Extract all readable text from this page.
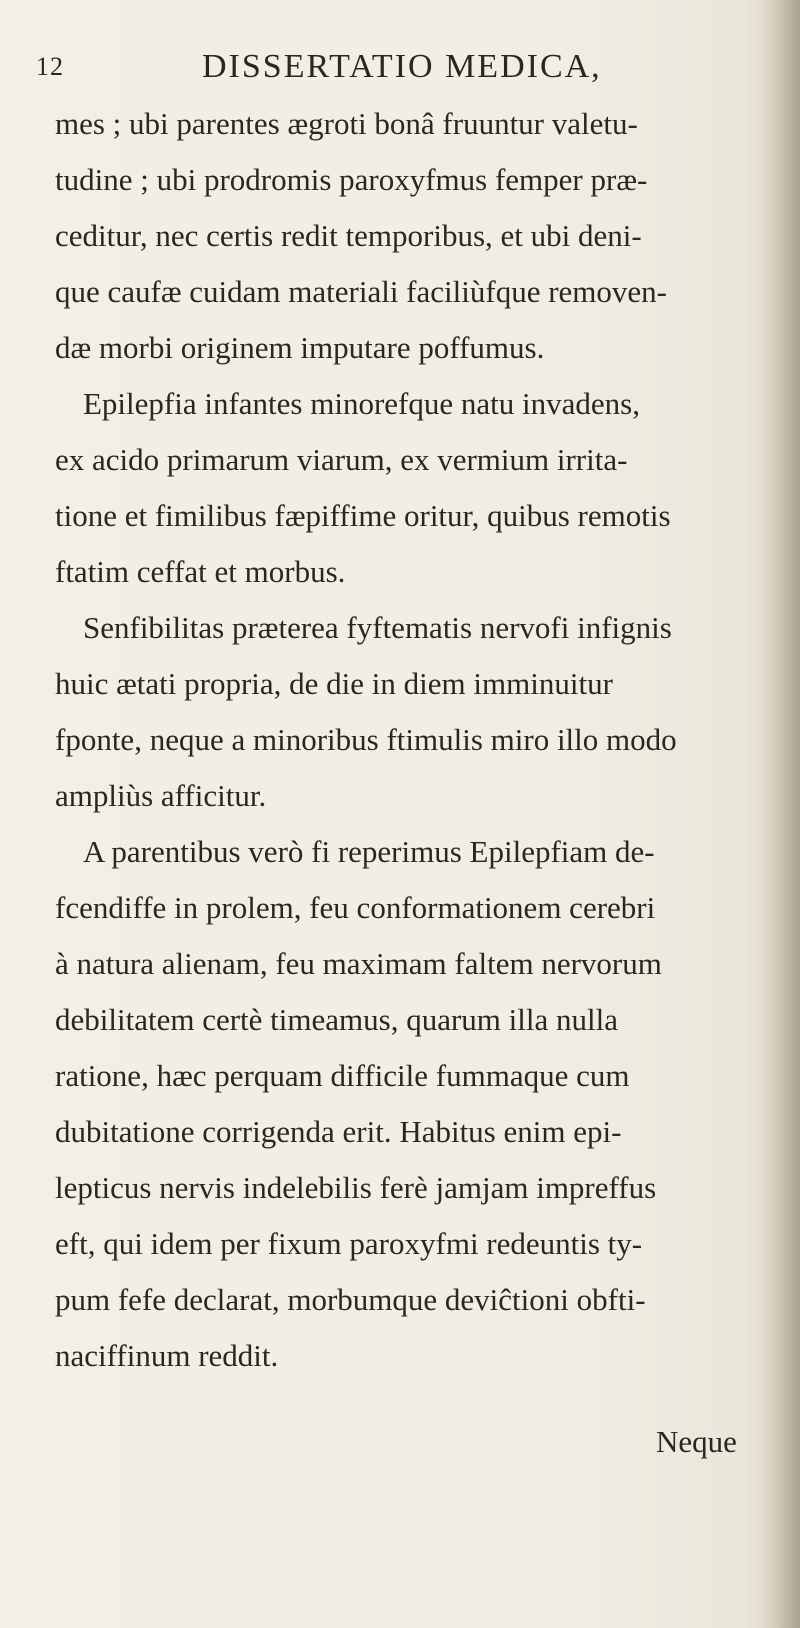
12	DISSERTATIO MEDICA,
mes ; ubi parentes ægroti bonâ fruuntur valetu-
tudine ; ubi prodromis paroxyfmus femper præ-
ceditur, nec certis redit temporibus, et ubi deni-
que caufæ cuidam materiali faciliùfque removen-
dæ morbi originem imputare poffumus.
Epilepfia infantes minorefque natu invadens,
ex acido primarum viarum, ex vermium irrita-
tione et fimilibus fæpiffime oritur, quibus remotis
ftatim ceffat et morbus.
Senfibilitas præterea fyftematis nervofi infignis
huic ætati propria, de die in diem imminuitur
fponte, neque a minoribus ftimulis miro illo modo
ampliùs afficitur.
A parentibus verò fi reperimus Epilepfiam de-
fcendiffe in prolem, feu conformationem cerebri
à natura alienam, feu maximam faltem nervorum
debilitatem certè timeamus, quarum illa nulla
ratione, hæc perquam difficile fummaque cum
dubitatione corrigenda erit. Habitus enim epi-
lepticus nervis indelebilis ferè jamjam impreffus
eft, qui idem per fixum paroxyfmi redeuntis ty-
pum fefe declarat, morbumque deviĉtioni obfti-
naciffinum reddit.
Neque
